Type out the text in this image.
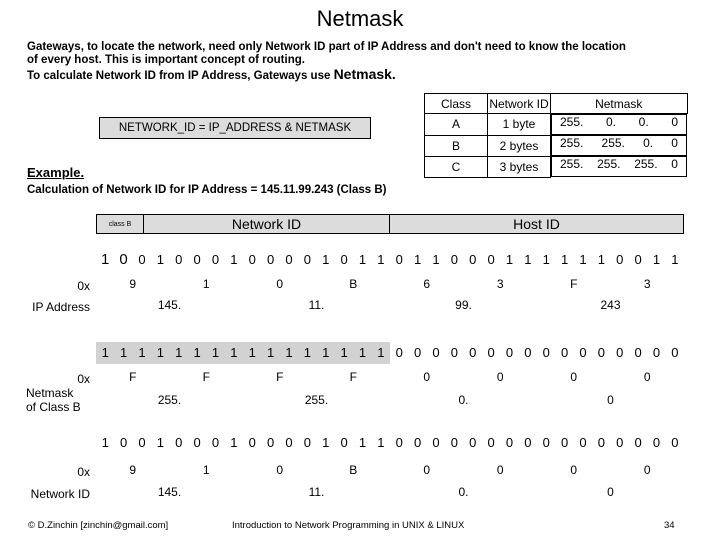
Netmask
Gateways, to locate the network, need only Network ID part of IP Address and don't need to know the location
of every host. This is important concept of routing.
To calculate Network ID from IP Address, Gateways use Netmask.
NETWORK_ID = IP_ADDRESS & NETMASK
Class	Network ID	Netmask
A	1 byte	255. 0. 0. 0

B	2 bytes	255. 255. 0. 0

C	3 bytes	255. 255. 255. 0
Example.
Calculation of Network ID for IP Address = 145.11.99.243 (Class B)
class B	Network ID	Host ID
1 0 0 1 0 0 0 1 0 0 0 0 1 0 1 1 0 1 1 0 0 0 1 1 1 1 1 1 0 0 1 1
0x	9	1	0	B	6	3	F	3
IP Address	145.	11.	99.	243
1 1 1 1 1 1 1 1 1 1 1 1 1 1 1 1 0 0 0 0 0 0 0 0 0 0 0 0 0 0 0 0
0x	F	F	F	F	0	0	0	0
Netmask
of Class B	255.	255.	0.	0
1 0 0 1 0 0 0 1 0 0 0 0 1 0 1 1 0 0 0 0 0 0 0 0 0 0 0 0 0 0 0 0
0x	9	1	0	B	0	0	0	0
Network ID	145.	11.	0.	0
© D.Zinchin [zinchin@gmail.com]	Introduction to Network Programming in UNIX & LINUX	34
